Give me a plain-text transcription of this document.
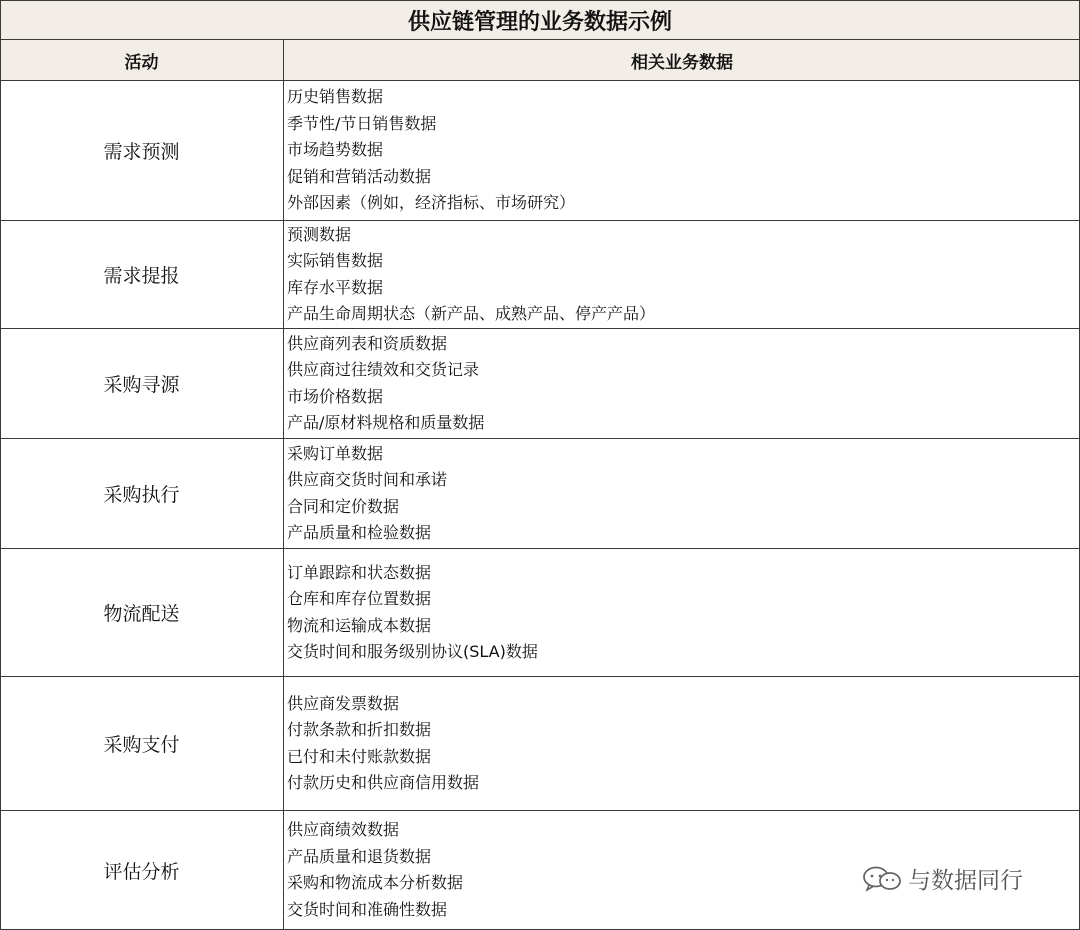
供应链管理的业务数据示例
活动	相关业务数据
需求预测
历史销售数据
季节性/节日销售数据
市场趋势数据
促销和营销活动数据
外部因素（例如，经济指标、市场研究）
需求提报
预测数据
实际销售数据
库存水平数据
产品生命周期状态（新产品、成熟产品、停产产品）
采购寻源
供应商列表和资质数据
供应商过往绩效和交货记录
市场价格数据
产品/原材料规格和质量数据
采购执行
采购订单数据
供应商交货时间和承诺
合同和定价数据
产品质量和检验数据
物流配送
订单跟踪和状态数据
仓库和库存位置数据
物流和运输成本数据
交货时间和服务级别协议(SLA)数据
采购支付
供应商发票数据
付款条款和折扣数据
已付和未付账款数据
付款历史和供应商信用数据
评估分析
供应商绩效数据
产品质量和退货数据
采购和物流成本分析数据
交货时间和准确性数据
与数据同行
